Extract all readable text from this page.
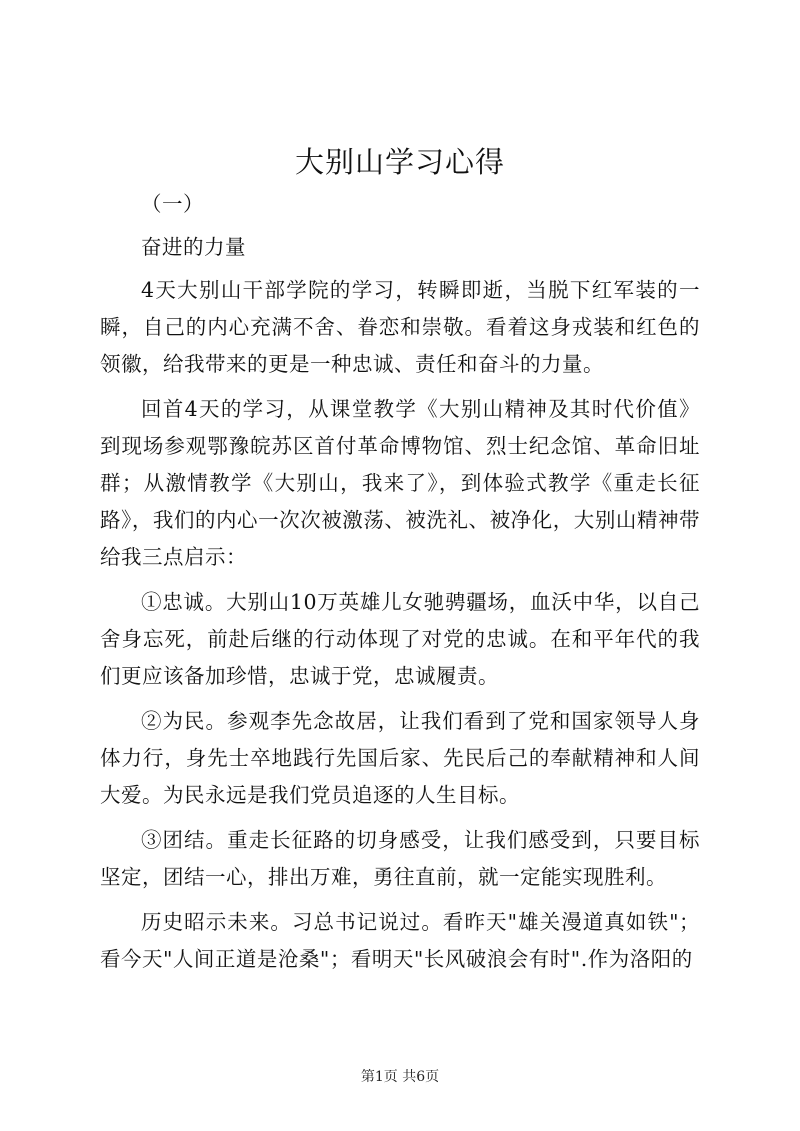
大别山学习心得

（一）

奋进的力量

4天大别山干部学院的学习，转瞬即逝，当脱下红军装的一瞬，自己的内心充满不舍、眷恋和崇敬。看着这身戎装和红色的领徽，给我带来的更是一种忠诚、责任和奋斗的力量。

回首4天的学习，从课堂教学《大别山精神及其时代价值》到现场参观鄂豫皖苏区首付革命博物馆、烈士纪念馆、革命旧址群；从激情教学《大别山，我来了》，到体验式教学《重走长征路》，我们的内心一次次被激荡、被洗礼、被净化，大别山精神带给我三点启示：

①忠诚。大别山10万英雄儿女驰骋疆场，血沃中华，以自己舍身忘死，前赴后继的行动体现了对党的忠诚。在和平年代的我们更应该备加珍惜，忠诚于党，忠诚履责。

②为民。参观李先念故居，让我们看到了党和国家领导人身体力行，身先士卒地践行先国后家、先民后己的奉献精神和人间大爱。为民永远是我们党员追逐的人生目标。

③团结。重走长征路的切身感受，让我们感受到，只要目标坚定，团结一心，排出万难，勇往直前，就一定能实现胜利。

历史昭示未来。习总书记说过。看昨天"雄关漫道真如铁"；看今天"人间正道是沧桑"；看明天"长风破浪会有时".作为洛阳的

第1页 共6页
